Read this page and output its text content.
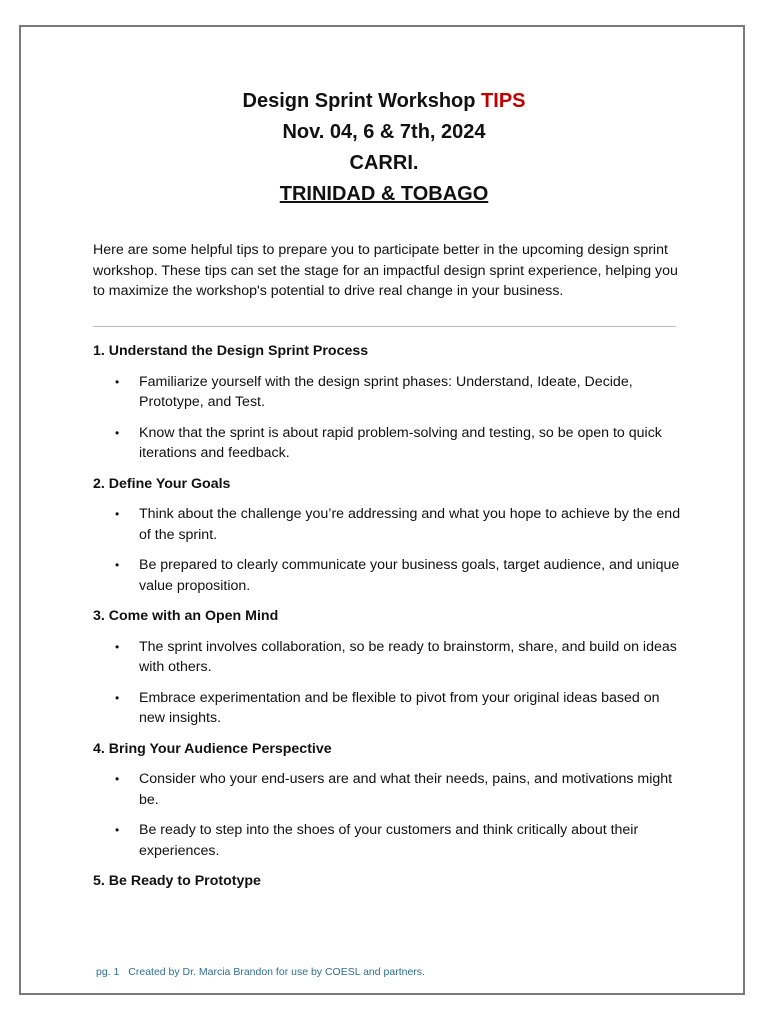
Design Sprint Workshop TIPS
Nov. 04, 6 & 7th, 2024
CARRI.
TRINIDAD & TOBAGO
Here are some helpful tips to prepare you to participate better in the upcoming design sprint workshop. These tips can set the stage for an impactful design sprint experience, helping you to maximize the workshop's potential to drive real change in your business.
1. Understand the Design Sprint Process
• Familiarize yourself with the design sprint phases: Understand, Ideate, Decide, Prototype, and Test.
• Know that the sprint is about rapid problem-solving and testing, so be open to quick iterations and feedback.
2. Define Your Goals
• Think about the challenge you’re addressing and what you hope to achieve by the end of the sprint.
• Be prepared to clearly communicate your business goals, target audience, and unique value proposition.
3. Come with an Open Mind
• The sprint involves collaboration, so be ready to brainstorm, share, and build on ideas with others.
• Embrace experimentation and be flexible to pivot from your original ideas based on new insights.
4. Bring Your Audience Perspective
• Consider who your end-users are and what their needs, pains, and motivations might be.
• Be ready to step into the shoes of your customers and think critically about their experiences.
5. Be Ready to Prototype
pg. 1 Created by Dr. Marcia Brandon for use by COESL and partners.
